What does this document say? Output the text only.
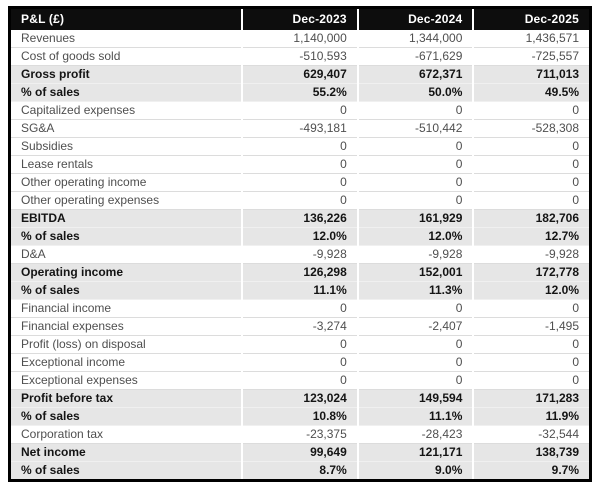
P&L (£)	Dec-2023	Dec-2024	Dec-2025
Revenues	1,140,000	1,344,000	1,436,571
Cost of goods sold	-510,593	-671,629	-725,557
Gross profit	629,407	672,371	711,013
% of sales	55.2%	50.0%	49.5%
Capitalized expenses	0	0	0
SG&A	-493,181	-510,442	-528,308
Subsidies	0	0	0
Lease rentals	0	0	0
Other operating income	0	0	0
Other operating expenses	0	0	0
EBITDA	136,226	161,929	182,706
% of sales	12.0%	12.0%	12.7%
D&A	-9,928	-9,928	-9,928
Operating income	126,298	152,001	172,778
% of sales	11.1%	11.3%	12.0%
Financial income	0	0	0
Financial expenses	-3,274	-2,407	-1,495
Profit (loss) on disposal	0	0	0
Exceptional income	0	0	0
Exceptional expenses	0	0	0
Profit before tax	123,024	149,594	171,283
% of sales	10.8%	11.1%	11.9%
Corporation tax	-23,375	-28,423	-32,544
Net income	99,649	121,171	138,739
% of sales	8.7%	9.0%	9.7%
